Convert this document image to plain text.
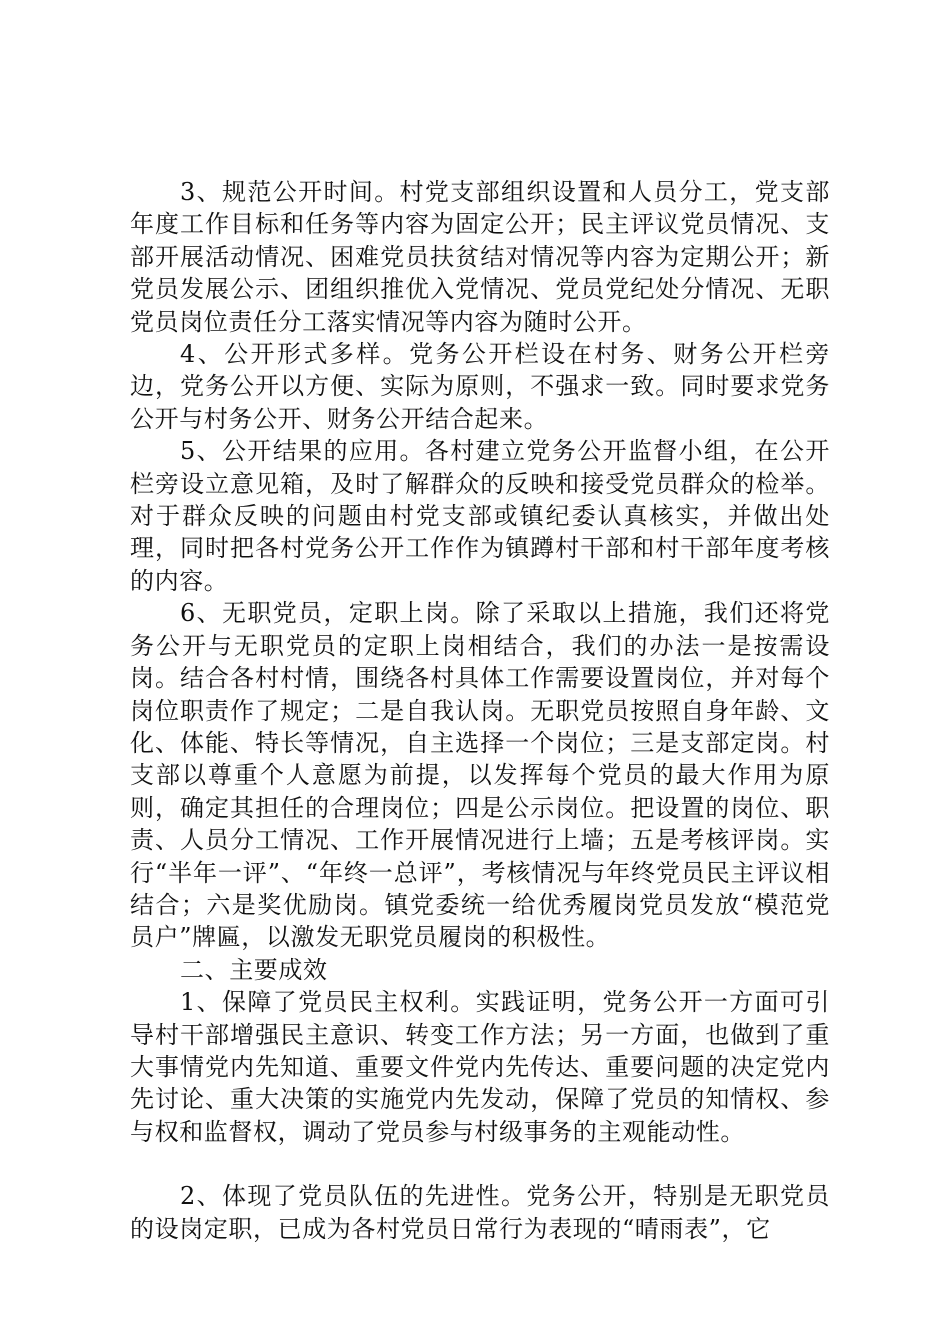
3、规范公开时间。村党支部组织设置和人员分工，党支部年度工作目标和任务等内容为固定公开；民主评议党员情况、支部开展活动情况、困难党员扶贫结对情况等内容为定期公开；新党员发展公示、团组织推优入党情况、党员党纪处分情况、无职党员岗位责任分工落实情况等内容为随时公开。

4、公开形式多样。党务公开栏设在村务、财务公开栏旁边，党务公开以方便、实际为原则，不强求一致。同时要求党务公开与村务公开、财务公开结合起来。

5、公开结果的应用。各村建立党务公开监督小组，在公开栏旁设立意见箱，及时了解群众的反映和接受党员群众的检举。对于群众反映的问题由村党支部或镇纪委认真核实，并做出处理，同时把各村党务公开工作作为镇蹲村干部和村干部年度考核的内容。

6、无职党员，定职上岗。除了采取以上措施，我们还将党务公开与无职党员的定职上岗相结合，我们的办法一是按需设岗。结合各村村情，围绕各村具体工作需要设置岗位，并对每个岗位职责作了规定；二是自我认岗。无职党员按照自身年龄、文化、体能、特长等情况，自主选择一个岗位；三是支部定岗。村支部以尊重个人意愿为前提，以发挥每个党员的最大作用为原则，确定其担任的合理岗位；四是公示岗位。把设置的岗位、职责、人员分工情况、工作开展情况进行上墙；五是考核评岗。实行“半年一评”、“年终一总评”，考核情况与年终党员民主评议相结合；六是奖优励岗。镇党委统一给优秀履岗党员发放“模范党员户”牌匾，以激发无职党员履岗的积极性。

二、主要成效

1、保障了党员民主权利。实践证明，党务公开一方面可引导村干部增强民主意识、转变工作方法；另一方面，也做到了重大事情党内先知道、重要文件党内先传达、重要问题的决定党内先讨论、重大决策的实施党内先发动，保障了党员的知情权、参与权和监督权，调动了党员参与村级事务的主观能动性。

2、体现了党员队伍的先进性。党务公开，特别是无职党员的设岗定职，已成为各村党员日常行为表现的“晴雨表”，它
